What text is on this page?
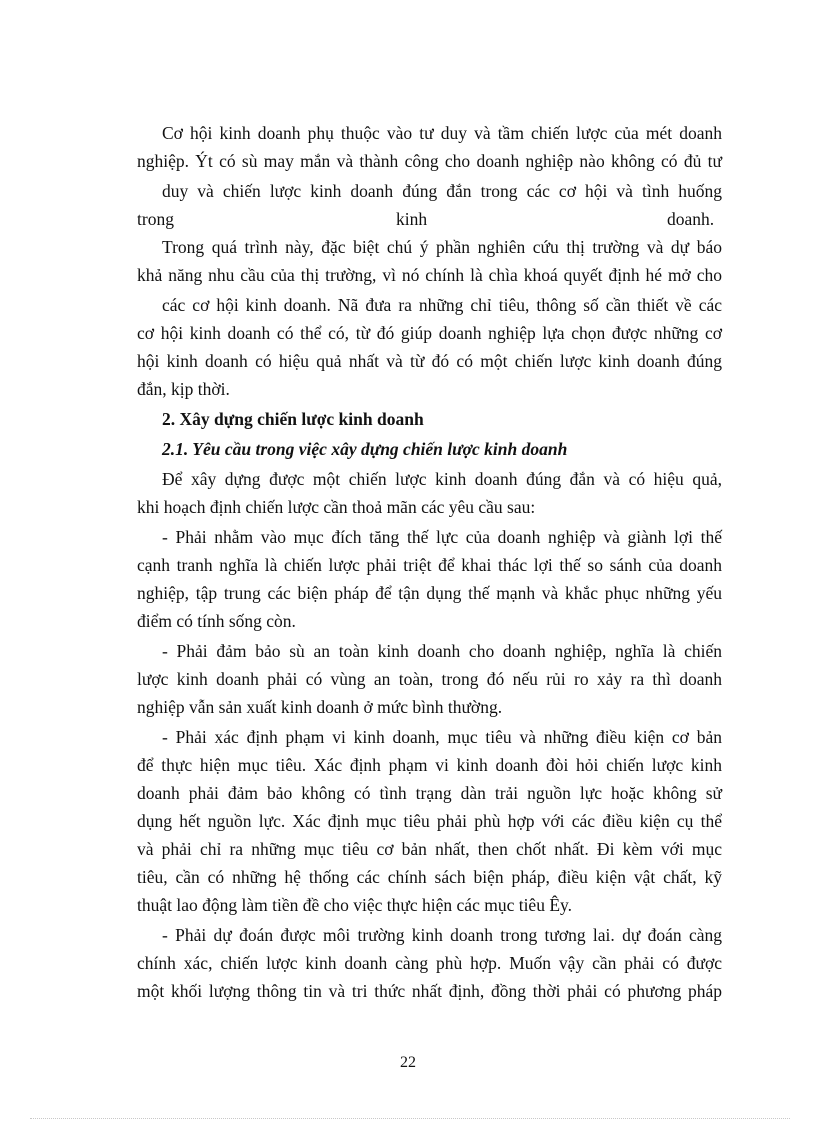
Cơ hội kinh doanh phụ thuộc vào tư duy và tầm chiến lược của mét doanh
nghiệp. Ýt có sù may mắn và thành công cho doanh nghiệp nào không có đủ tư
duy và chiến lược kinh doanh đúng đắn trong các cơ hội và tình huống
trong	kinh	doanh.
Trong quá trình này, đặc biệt chú ý phần nghiên cứu thị trường và dự báo
khả năng nhu cầu của thị trường, vì nó chính là chìa khoá quyết định hé mở cho
các cơ hội kinh doanh. Nã đưa ra những chỉ tiêu, thông số cần thiết về các
cơ hội kinh doanh có thể có, từ đó giúp doanh nghiệp lựa chọn được những cơ
hội kinh doanh có hiệu quả nhất và từ đó có một chiến lược kinh doanh đúng
đắn, kịp thời.
2. Xây dựng chiến lược kinh doanh
2.1. Yêu cầu trong việc xây dựng chiến lược kinh doanh
Để xây dựng được một chiến lược kinh doanh đúng đắn và có hiệu quả,
khi hoạch định chiến lược cần thoả mãn các yêu cầu sau:
- Phải nhằm vào mục đích tăng thế lực của doanh nghiệp và giành lợi thế
cạnh tranh nghĩa là chiến lược phải triệt để khai thác lợi thế so sánh của doanh
nghiệp, tập trung các biện pháp để tận dụng thế mạnh và khắc phục những yếu
điểm có tính sống còn.
- Phải đảm bảo sù an toàn kinh doanh cho doanh nghiệp, nghĩa là chiến
lược kinh doanh phải có vùng an toàn, trong đó nếu rủi ro xảy ra thì doanh
nghiệp vẫn sản xuất kinh doanh ở mức bình thường.
- Phải xác định phạm vi kinh doanh, mục tiêu và những điều kiện cơ bản
để thực hiện mục tiêu. Xác định phạm vi kinh doanh đòi hỏi chiến lược kinh
doanh phải đảm bảo không có tình trạng dàn trải nguồn lực hoặc không sử
dụng hết nguồn lực. Xác định mục tiêu phải phù hợp với các điều kiện cụ thể
và phải chỉ ra những mục tiêu cơ bản nhất, then chốt nhất. Đi kèm với mục
tiêu, cần có những hệ thống các chính sách biện pháp, điều kiện vật chất, kỹ
thuật lao động làm tiền đề cho việc thực hiện các mục tiêu Êy.
- Phải dự đoán được môi trường kinh doanh trong tương lai. dự đoán càng
chính xác, chiến lược kinh doanh càng phù hợp. Muốn vậy cần phải có được
một khối lượng thông tin và tri thức nhất định, đồng thời phải có phương pháp
22
